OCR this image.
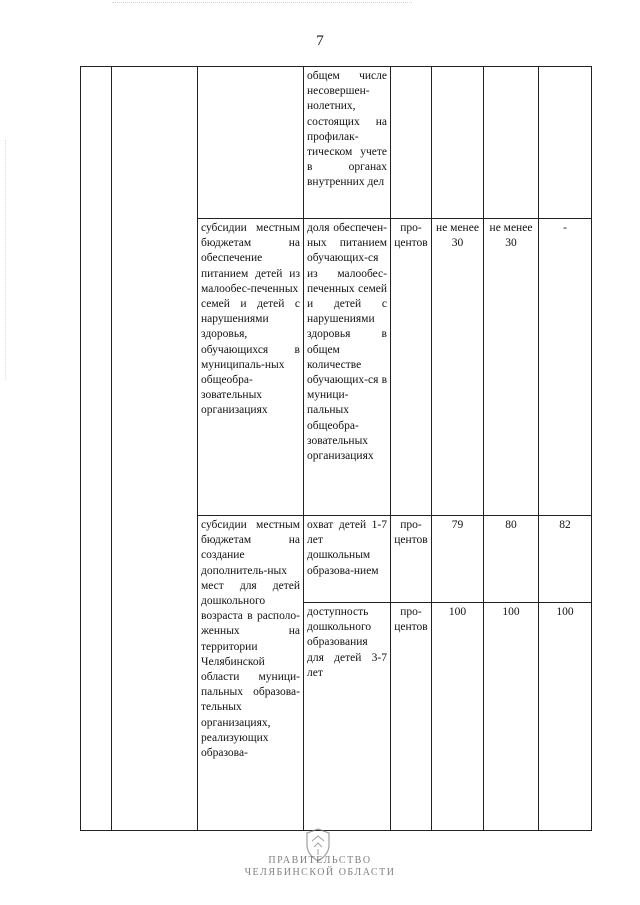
7
			общем числе несовершен-нолетних, состоящих на профилак-тическом учете в органах внутренних дел				
		субсидии местным бюджетам на обеспечение питанием детей из малообес-печенных семей и детей с нарушениями здоровья, обучающихся в муниципаль-ных общеобра-зовательных организациях	доля обеспечен-ных питанием обучающих-ся из малообес-печенных семей и детей с нарушениями здоровья в общем количестве обучающих-ся в муници-пальных общеобра-зовательных организациях	про-центов	не менее 30	не менее 30	-
		субсидии местным бюджетам на создание дополнитель-ных мест для детей дошкольного возраста в располо-женных на территории Челябинской области муници-пальных образова-тельных организациях, реализующих образова-	охват детей 1-7 лет дошкольным образова-нием	про-центов	79	80	82
			доступность дошкольного образования для детей 3-7 лет	про-центов	100	100	100
ПРАВИТЕЛЬСТВО
ЧЕЛЯБИНСКОЙ ОБЛАСТИ
